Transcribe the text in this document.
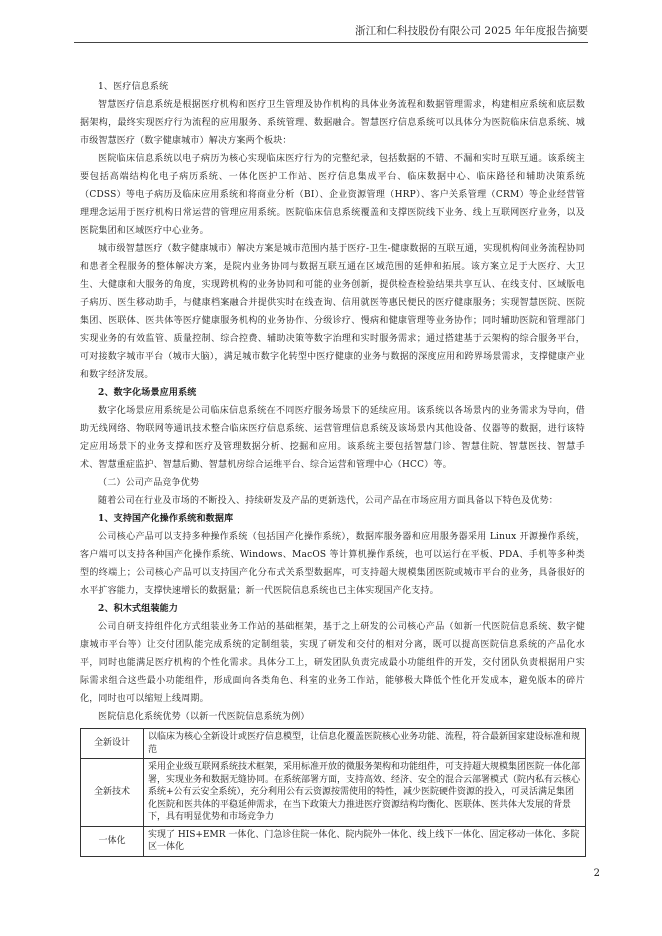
浙江和仁科技股份有限公司 2025 年年度报告摘要

1、医疗信息系统

智慧医疗信息系统是根据医疗机构和医疗卫生管理及协作机构的具体业务流程和数据管理需求，构建相应系统和底层数据架构，最终实现医疗行为流程的应用服务、系统管理、数据融合。智慧医疗信息系统可以具体分为医院临床信息系统、城市级智慧医疗（数字健康城市）解决方案两个板块：

医院临床信息系统以电子病历为核心实现临床医疗行为的完整纪录，包括数据的不错、不漏和实时互联互通。该系统主要包括高端结构化电子病历系统、一体化医护工作站、医疗信息集成平台、临床数据中心、临床路径和辅助决策系统（CDSS）等电子病历及临床应用系统和将商业分析（BI）、企业资源管理（HRP）、客户关系管理（CRM）等企业经营管理理念运用于医疗机构日常运营的管理应用系统。医院临床信息系统覆盖和支撑医院线下业务、线上互联网医疗业务，以及医院集团和区域医疗中心业务。

城市级智慧医疗（数字健康城市）解决方案是城市范围内基于医疗-卫生-健康数据的互联互通，实现机构间业务流程协同和患者全程服务的整体解决方案，是院内业务协同与数据互联互通在区域范围的延伸和拓展。该方案立足于大医疗、大卫生、大健康和大服务的角度，实现跨机构的业务协同和可能的业务创新，提供检查检验结果共享互认、在线支付、区域版电子病历、医生移动助手，与健康档案融合并提供实时在线查询、信用就医等惠民便民的医疗健康服务；实现智慧医院、医院集团、医联体、医共体等医疗健康服务机构的业务协作、分级诊疗、慢病和健康管理等业务协作；同时辅助医院和管理部门实现业务的有效监管、质量控制、综合控费、辅助决策等数字治理和实时服务需求；通过搭建基于云架构的综合服务平台，可对接数字城市平台（城市大脑），满足城市数字化转型中医疗健康的业务与数据的深度应用和跨界场景需求，支撑健康产业和数字经济发展。

2、数字化场景应用系统

数字化场景应用系统是公司临床信息系统在不同医疗服务场景下的延续应用。该系统以各场景内的业务需求为导向，借助无线网络、物联网等通讯技术整合临床医疗信息系统、运营管理信息系统及该场景内其他设备、仪器等的数据，进行该特定应用场景下的业务支撑和医疗及管理数据分析、挖掘和应用。该系统主要包括智慧门诊、智慧住院、智慧医技、智慧手术、智慧重症监护、智慧后勤、智慧机房综合运维平台、综合运营和管理中心（HCC）等。

（二）公司产品竞争优势

随着公司在行业及市场的不断投入、持续研发及产品的更新迭代，公司产品在市场应用方面具备以下特色及优势：

1、支持国产化操作系统和数据库

公司核心产品可以支持多种操作系统（包括国产化操作系统），数据库服务器和应用服务器采用 Linux 开源操作系统，客户端可以支持各种国产化操作系统、Windows、MacOS 等计算机操作系统，也可以运行在平板、PDA、手机等多种类型的终端上；公司核心产品可以支持国产化分布式关系型数据库，可支持超大规模集团医院或城市平台的业务，具备很好的水平扩容能力，支撑快速增长的数据量；新一代医院信息系统也已主体实现国产化支持。

2、积木式组装能力

公司自研支持组件化方式组装业务工作站的基础框架，基于之上研发的公司核心产品（如新一代医院信息系统、数字健康城市平台等）让交付团队能完成系统的定制组装，实现了研发和交付的相对分离，既可以提高医院信息系统的产品化水平，同时也能满足医疗机构的个性化需求。具体分工上，研发团队负责完成最小功能组件的开发，交付团队负责根据用户实际需求组合这些最小功能组件，形成面向各类角色、科室的业务工作站，能够极大降低个性化开发成本，避免版本的碎片化，同时也可以缩短上线周期。

医院信息化系统优势（以新一代医院信息系统为例）

全新设计	以临床为核心全新设计或医疗信息模型，让信息化覆盖医院核心业务功能、流程，符合最新国家建设标准和规范
全新技术	采用企业级互联网系统技术框架，采用标准开放的微服务架构和功能组件，可支持超大规模集团医院一体化部署，实现业务和数据无缝协同。在系统部署方面，支持高效、经济、安全的混合云部署模式（院内私有云核心系统+公有云安全系统），充分利用公有云资源按需使用的特性，减少医院硬件资源的投入，可灵活满足集团化医院和医共体的平稳延伸需求，在当下政策大力推进医疗资源结构均衡化、医联体、医共体大发展的背景下，具有明显优势和市场竞争力
一体化	实现了 HIS+EMR 一体化、门急诊住院一体化、院内院外一体化、线上线下一体化、固定移动一体化、多院区一体化
2
